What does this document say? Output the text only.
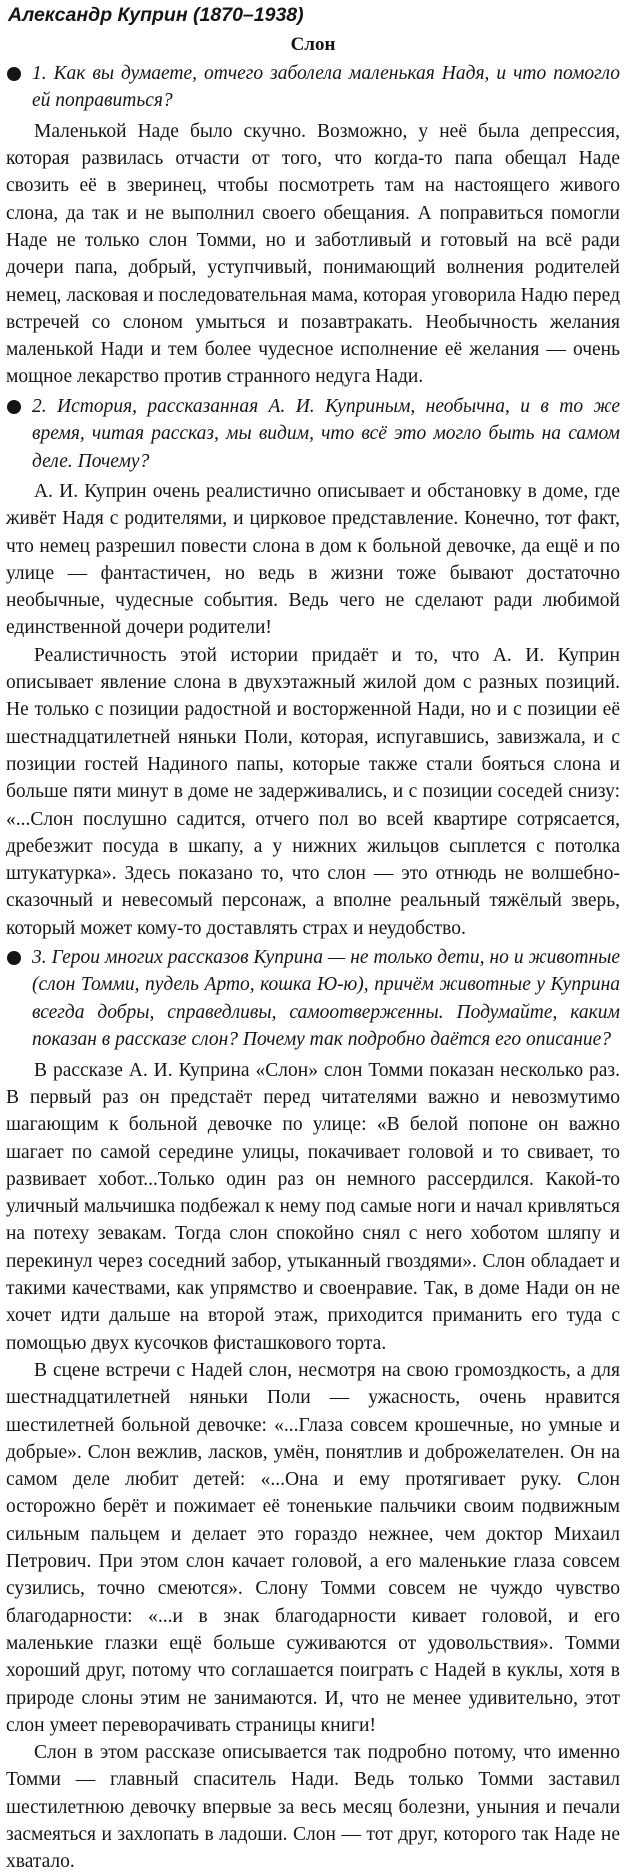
Александр Куприн (1870–1938)
Слон
1. Как вы думаете, отчего заболела маленькая Надя, и что помогло ей поправиться?

Маленькой Наде было скучно. Возможно, у неё была депрессия, которая развилась отчасти от того, что когда-то папа обещал Наде свозить её в зверинец, чтобы посмотреть там на настоящего живого слона, да так и не выполнил своего обещания. А поправиться помогли Наде не только слон Томми, но и заботливый и готовый на всё ради дочери папа, добрый, уступчивый, понимающий волнения родителей немец, ласковая и последовательная мама, которая уговорила Надю перед встречей со слоном умыться и позавтракать. Необычность желания маленькой Нади и тем более чудесное исполнение её желания — очень мощное лекарство против странного недуга Нади.

2. История, рассказанная А. И. Куприным, необычна, и в то же время, читая рассказ, мы видим, что всё это могло быть на самом деле. Почему?

А. И. Куприн очень реалистично описывает и обстановку в доме, где живёт Надя с родителями, и цирковое представление. Конечно, тот факт, что немец разрешил повести слона в дом к больной девочке, да ещё и по улице — фантастичен, но ведь в жизни тоже бывают достаточно необычные, чудесные события. Ведь чего не сделают ради любимой единственной дочери родители!

Реалистичность этой истории придаёт и то, что А. И. Куприн описывает явление слона в двухэтажный жилой дом с разных позиций. Не только с позиции радостной и восторженной Нади, но и с позиции её шестнадцатилетней няньки Поли, которая, испугавшись, завизжала, и с позиции гостей Надиного папы, которые также стали бояться слона и больше пяти минут в доме не задерживались, и с позиции соседей снизу: «...Слон послушно садится, отчего пол во всей квартире сотрясается, дребезжит посуда в шкапу, а у нижних жильцов сыплется с потолка штукатурка». Здесь показано то, что слон — это отнюдь не волшебно-сказочный и невесомый персонаж, а вполне реальный тяжёлый зверь, который может кому-то доставлять страх и неудобство.

3. Герои многих рассказов Куприна — не только дети, но и животные (слон Томми, пудель Арто, кошка Ю-ю), причём животные у Куприна всегда добры, справедливы, самоотверженны. Подумайте, каким показан в рассказе слон? Почему так подробно даётся его описание?

В рассказе А. И. Куприна «Слон» слон Томми показан несколько раз. В первый раз он предстаёт перед читателями важно и невозмутимо шагающим к больной девочке по улице: «В белой попоне он важно шагает по самой середине улицы, покачивает головой и то свивает, то развивает хобот...Только один раз он немного рассердился. Какой-то уличный мальчишка подбежал к нему под самые ноги и начал кривляться на потеху зевакам. Тогда слон спокойно снял с него хоботом шляпу и перекинул через соседний забор, утыканный гвоздями». Слон обладает и такими качествами, как упрямство и своенравие. Так, в доме Нади он не хочет идти дальше на второй этаж, приходится приманить его туда с помощью двух кусочков фисташкового торта.

В сцене встречи с Надей слон, несмотря на свою громоздкость, а для шестнадцатилетней няньки Поли — ужасность, очень нравится шестилетней больной девочке: «...Глаза совсем крошечные, но умные и добрые». Слон вежлив, ласков, умён, понятлив и доброжелателен. Он на самом деле любит детей: «...Она и ему протягивает руку. Слон осторожно берёт и пожимает её тоненькие пальчики своим подвижным сильным пальцем и делает это гораздо нежнее, чем доктор Михаил Петрович. При этом слон качает головой, а его маленькие глаза совсем сузились, точно смеются». Слону Томми совсем не чуждо чувство благодарности: «...и в знак благодарности кивает головой, и его маленькие глазки ещё больше суживаются от удовольствия». Томми хороший друг, потому что соглашается поиграть с Надей в куклы, хотя в природе слоны этим не занимаются. И, что не менее удивительно, этот слон умеет переворачивать страницы книги!

Слон в этом рассказе описывается так подробно потому, что именно Томми — главный спаситель Нади. Ведь только Томми заставил шестилетнюю девочку впервые за весь месяц болезни, уныния и печали засмеяться и захлопать в ладоши. Слон — тот друг, которого так Наде не хватало.
